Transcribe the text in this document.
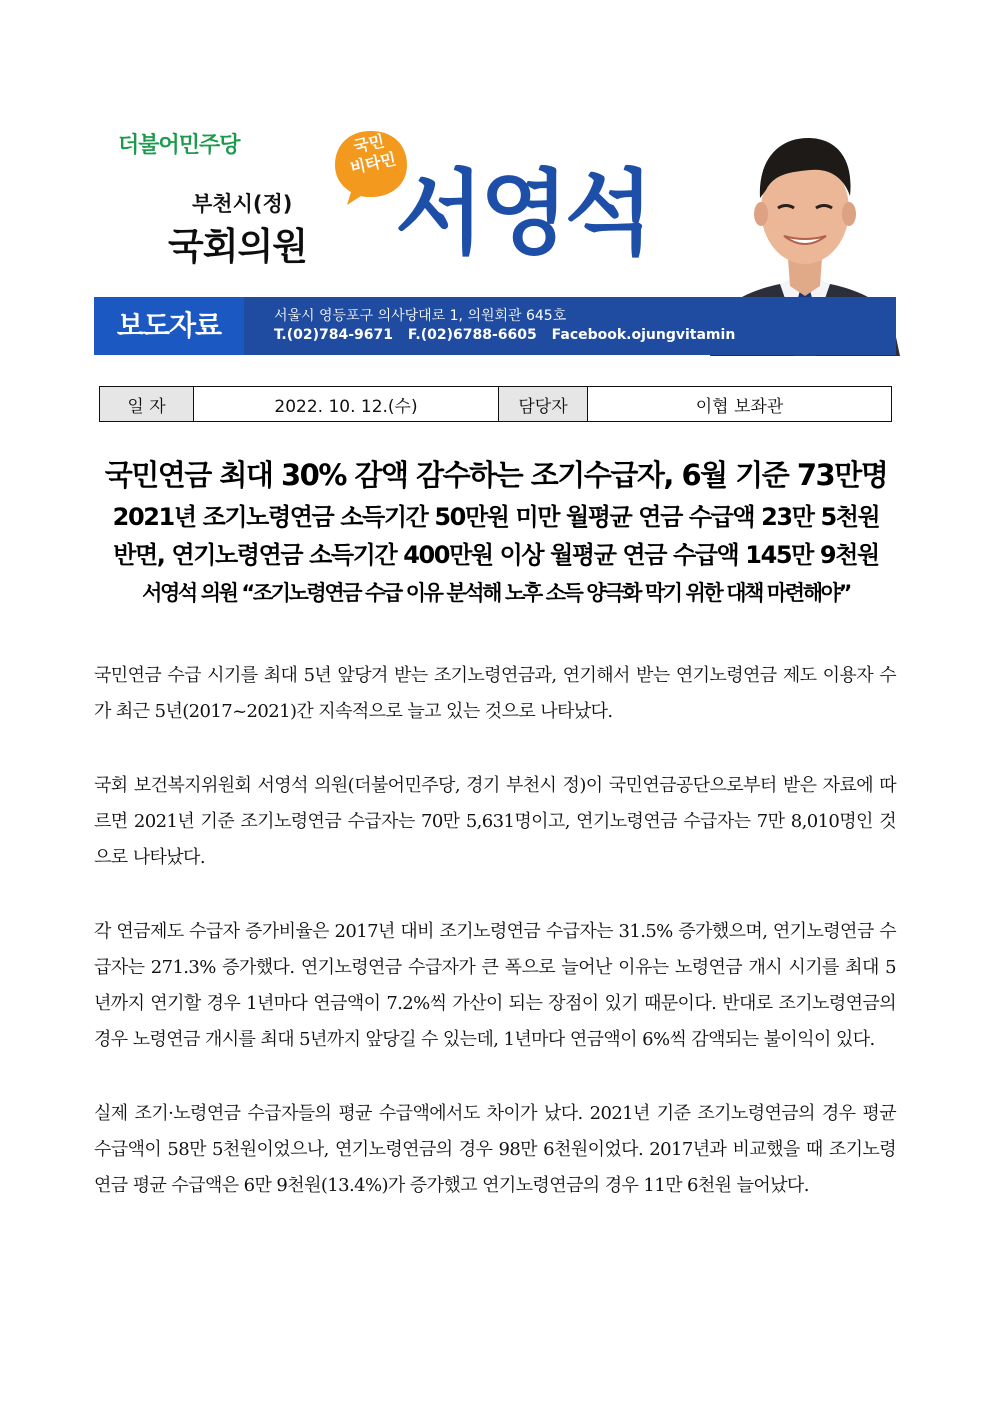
더불어민주당
부천시(정)
국회의원
국민
비타민
서영석
보도자료	서울시 영등포구 의사당대로 1, 의원회관 645호
T.(02)784-9671 F.(02)6788-6605 Facebook.ojungvitamin
일 자	2022. 10. 12.(수)	담당자	이협 보좌관
국민연금 최대 30% 감액 감수하는 조기수급자, 6월 기준 73만명
2021년 조기노령연금 소득기간 50만원 미만 월평균 연금 수급액 23만 5천원
반면, 연기노령연금 소득기간 400만원 이상 월평균 연금 수급액 145만 9천원
서영석 의원 “조기노령연금 수급 이유 분석해 노후 소득 양극화 막기 위한 대책 마련해야”

국민연금 수급 시기를 최대 5년 앞당겨 받는 조기노령연금과, 연기해서 받는 연기노령연금 제도 이용자 수가 최근 5년(2017~2021)간 지속적으로 늘고 있는 것으로 나타났다.

국회 보건복지위원회 서영석 의원(더불어민주당, 경기 부천시 정)이 국민연금공단으로부터 받은 자료에 따르면 2021년 기준 조기노령연금 수급자는 70만 5,631명이고, 연기노령연금 수급자는 7만 8,010명인 것으로 나타났다.

각 연금제도 수급자 증가비율은 2017년 대비 조기노령연금 수급자는 31.5% 증가했으며, 연기노령연금 수급자는 271.3% 증가했다. 연기노령연금 수급자가 큰 폭으로 늘어난 이유는 노령연금 개시 시기를 최대 5년까지 연기할 경우 1년마다 연금액이 7.2%씩 가산이 되는 장점이 있기 때문이다. 반대로 조기노령연금의 경우 노령연금 개시를 최대 5년까지 앞당길 수 있는데, 1년마다 연금액이 6%씩 감액되는 불이익이 있다.

실제 조기·노령연금 수급자들의 평균 수급액에서도 차이가 났다. 2021년 기준 조기노령연금의 경우 평균 수급액이 58만 5천원이었으나, 연기노령연금의 경우 98만 6천원이었다. 2017년과 비교했을 때 조기노령연금 평균 수급액은 6만 9천원(13.4%)가 증가했고 연기노령연금의 경우 11만 6천원 늘어났다.
